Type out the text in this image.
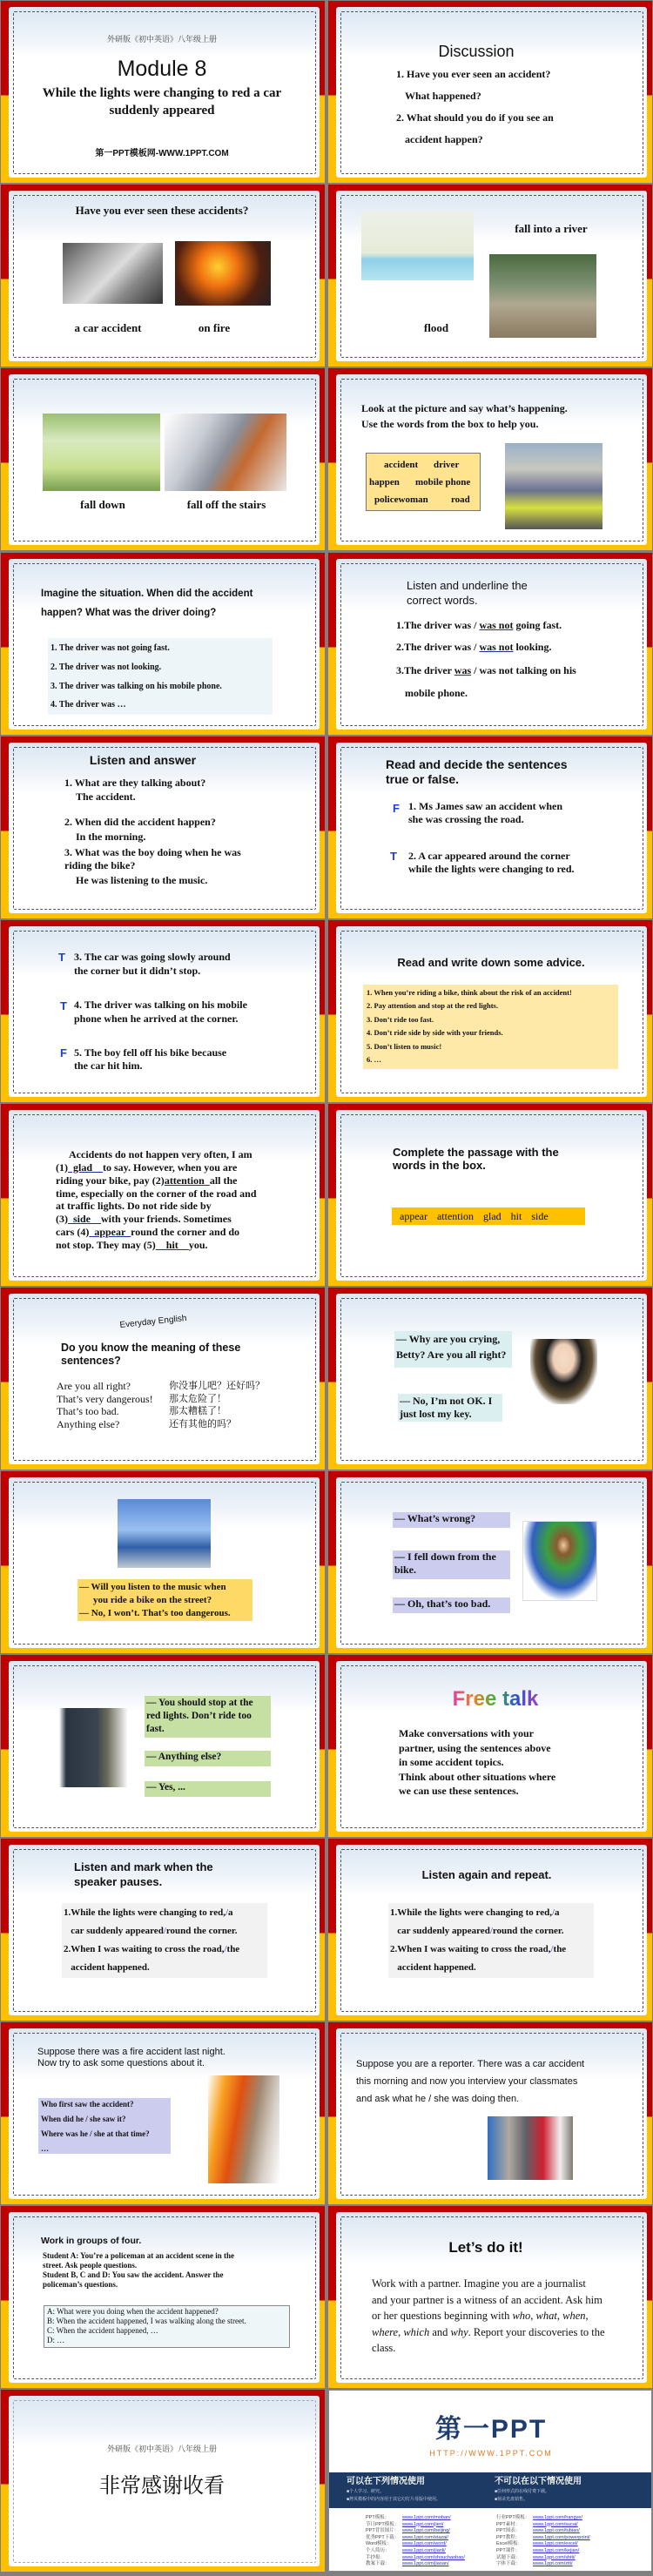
外研版《初中英语》八年级上册
Module 8
While the lights were changing to red a car
suddenly appeared
第一PPT模板网-WWW.1PPT.COM
Discussion
1. Have you ever seen an accident?
What happened?
2. What should you do if you see an
accident happen?
Have you ever seen these accidents?
a car accident	on fire
fall into a river
flood
fall down	fall off the stairs
Look at the picture and say what’s happening.
Use the words from the box to help you.
accident driver
happen mobile phone
policewoman road
Imagine the situation. When did the accident
happen? What was the driver doing?
1. The driver was not going fast.
2. The driver was not looking.
3. The driver was talking on his mobile phone.
4. The driver was …
Listen and underline the
correct words.
1.The driver was / was not going fast.
2.The driver was / was not looking.
3.The driver was / was not talking on his
mobile phone.
Listen and answer
1. What are they talking about?
The accident.
2. When did the accident happen?
In the morning.
3. What was the boy doing when he was
riding the bike?
He was listening to the music.
Read and decide the sentences
true or false.
F 1. Ms James saw an accident when
she was crossing the road.
T 2. A car appeared around the corner
while the lights were changing to red.
T 3. The car was going slowly around
the corner but it didn’t stop.
T 4. The driver was talking on his mobile
phone when he arrived at the corner.
F 5. The boy fell off his bike because
the car hit him.
Read and write down some advice.
1. When you’re riding a bike, think about the risk of an accident!
2. Pay attention and stop at the red lights.
3. Don’t ride too fast.
4. Don’t ride side by side with your friends.
5. Don’t listen to music!
6. …
Accidents do not happen very often, I am
(1)  glad    to say. However, when you are
riding your bike, pay (2)attention  all the
time, especially on the corner of the road and
at traffic lights. Do not ride side by
(3)  side    with your friends. Sometimes
cars (4)  appear  round the corner and do
not stop. They may (5)    hit    you.
Complete the passage with the
words in the box.
appear attention glad hit side
Everyday English
Do you know the meaning of these
sentences?
Are you all right?	你没事儿吧？还好吗？
That’s very dangerous! 那太危险了！
That’s too bad.	那太糟糕了！
Anything else?	还有其他的吗？
— Why are you crying,
Betty? Are you all right?
— No, I’m not OK. I
just lost my key.
— Will you listen to the music when
you ride a bike on the street?
— No, I won’t. That’s too dangerous.
— What’s wrong?
— I fell down from the
bike.
— Oh, that’s too bad.
— You should stop at the
red lights. Don’t ride too
fast.
— Anything else?
— Yes, ...
Free talk
Make conversations with your
partner, using the sentences above
in some accident topics.
Think about other situations where
we can use these sentences.
Listen and mark when the
speaker pauses.
1.While the lights were changing to red,/a
car suddenly appeared/round the corner.
2.When I was waiting to cross the road,/the
accident happened.
Listen again and repeat.
1.While the lights were changing to red,/a
car suddenly appeared/round the corner.
2.When I was waiting to cross the road,/the
accident happened.
Suppose there was a fire accident last night.
Now try to ask some questions about it.
Who first saw the accident?
When did he / she saw it?
Where was he / she at that time?
…
Suppose you are a reporter. There was a car accident
this morning and now you interview your classmates
and ask what he / she was doing then.
Work in groups of four.
Student A: You’re a policeman at an accident scene in the
street. Ask people questions.
Student B, C and D: You saw the accident. Answer the
policeman’s questions.
A: What were you doing when the accident happened?
B: When the accident happened, I was walking along the street.
C: When the accident happened, …
D: …
Let’s do it!
Work with a partner. Imagine you are a journalist
and your partner is a witness of an accident. Ask him
or her questions beginning with who, what, when,
where, which and why. Report your discoveries to the
class.
外研版《初中英语》八年级上册
非常感谢收看
第一PPT
HTTP://WWW.1PPT.COM
可以在下列情况使用
■个人学习、研究。
■拷贝模板中的内容用于其它幻灯片母版中使用。
不可以在以下情况使用
■任何形式的在线付费下载。
■刻录光盘销售。
PPT模板：	www.1ppt.com/moban/
节日PPT模板： www.1ppt.com/jieri/
PPT背景图片： www.1ppt.com/beijing/
优秀PPT下载： www.1ppt.com/xiazai/
Word模板： www.1ppt.com/word/
个人简历：	www.1ppt.com/jianli/
手抄报：	www.1ppt.com/shouchaobao/
教案下载：	www.1ppt.com/jiaoan/
行业PPT模板： www.1ppt.com/hangye/
PPT素材：	www.1ppt.com/sucai/
PPT图表：	www.1ppt.com/tubiao/
PPT教程：	www.1ppt.com/powerpoint/
Excel模板： www.1ppt.com/excel/
PPT课件：	www.1ppt.com/kejian/
试题下载：	www.1ppt.com/shiti/
字体下载：	www.1ppt.com/ziti/
